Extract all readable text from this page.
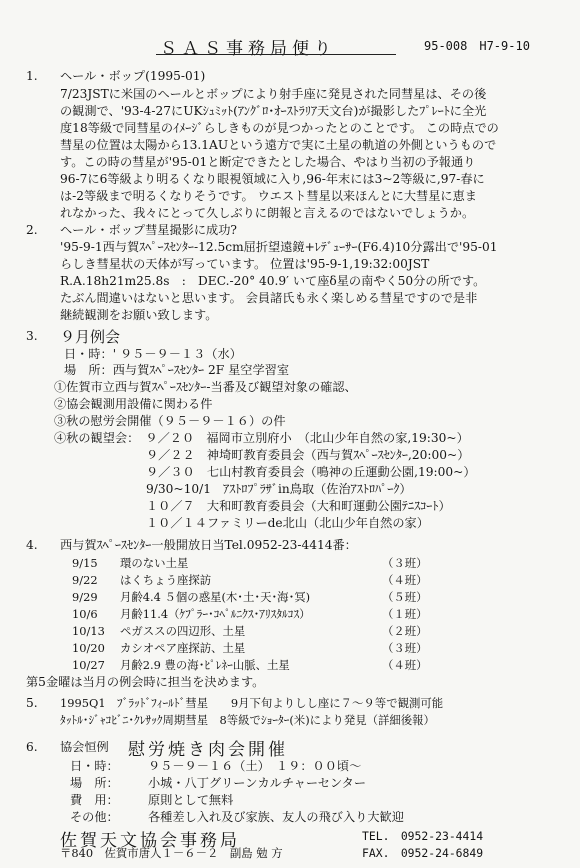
ＳＡＳ事務局便り	95-008　H7-9-10
1. ヘール・ボップ(1995-01)
7/23JSTに米国のヘールとボップにより射手座に発見された同彗星は、その後
の観測で、'93-4-27にUKｼｭﾐｯﾄ(ｱﾝｸﾞﾛ･ｵｰｽﾄﾗﾘｱ天文台)が撮影したﾌﾟﾚｰﾄに全光
度18等級で同彗星のｲﾒｰｼﾞらしきものが見つかったとのことです。 この時点での
彗星の位置は太陽から13.1AUという遠方で実に土星の軌道の外側というもので
す。この時の彗星が'95-01と断定できたとした場合、やはり当初の予報通り
96-7に6等級より明るくなり眼視領域に入り,96-年末には3~2等級に,97-春に
は-2等級まで明るくなりそうです。 ウエスト彗星以来ほんとに大彗星に恵ま
れなかった、我々にとって久しぶりに朗報と言えるのではないでしょうか。
2. ヘール・ボップ彗星撮影に成功?
'95-9-1西与賀ｽﾍﾟｰｽｾﾝﾀｰ-12.5cm屈折望遠鏡+ﾚﾃﾞｭｰｻｰ(F6.4)10分露出で'95-01
らしき彗星状の天体が写っています。 位置は'95-9-1,19:32:00JST
R.A.18h21m25.8s　:　DEC.-20° 40.9′ いて座δ星の南やく50分の所です。
たぶん間違いはないと思います。 会員諸氏も永く楽しめる彗星ですので是非
継続観測をお願い致します。
3. ９月例会
日・時：' ９５－９－１３（水）
場　所：西与賀ｽﾍﾟｰｽｾﾝﾀｰ 2F 星空学習室
①佐賀市立西与賀ｽﾍﾟｰｽｾﾝﾀｰ-当番及び観望対象の確認、
②協会観測用設備に関わる件
③秋の慰労会開催（９５－９－１６）の件
④秋の観望会：　９／２０　福岡市立別府小　（北山少年自然の家,19:30~）
９／２２　神埼町教育委員会（西与賀ｽﾍﾟｰｽｾﾝﾀｰ,20:00~）
９／３０　七山村教育委員会（鳴神の丘運動公園,19:00~）
9/30~10/1　ｱｽﾄﾛﾌﾟﾗｻﾞin鳥取（佐治ｱｽﾄﾛﾊﾟｰｸ）
１０／７　大和町教育委員会（大和町運動公園ﾃﾆｽｺｰﾄ）
１０／１４ファミリーde北山（北山少年自然の家）
4. 西与賀ｽﾍﾟｰｽｾﾝﾀｰ一般開放日当Tel.0952-23-4414番：
9/15 環のない土星	（３班）
9/22 はくちょう座探訪	（４班）
9/29 月齢4.4 ５個の惑星(木･土･天･海･冥)	（５班）
10/6 月齢11.4（ｹﾌﾟﾗｰ･ｺﾍﾟﾙﾆｸｽ･ｱﾘｽﾀﾙｺｽ）	（１班）
10/13 ペガススの四辺形、土星	（２班）
10/20 カシオペア座探訪、土星	（３班）
10/27 月齢2.9 豊の海･ﾋﾟﾚﾈｰ山脈、土星	（４班）
第5金曜は当月の例会時に担当を決めます。
5. 1995Q1　ﾌﾞﾗｯﾄﾞﾌｨｰﾙﾄﾞ彗星　　9月下旬よりしし座に７～９等で観測可能
ﾀｯﾄﾙ･ｼﾞｬｺﾋﾞﾆ･ｸﾚｻｯｸ周期彗星　8等級でｼｮｰﾀｰ(米)により発見（詳細後報）
6. 協会恒例 慰労焼き肉会開催
日・時： ９５－９－１６（土）　１９：００頃～
場　所： 小城・八丁グリーンカルチャーセンター
費　用： 原則として無料
その他： 各種差し入れ及び家族、友人の飛び入り大歓迎
佐賀天文協会事務局
〒840　佐賀市唐人１－６－２　副島 勉 方
TEL.　0952-23-4414
FAX.　0952-24-6849
